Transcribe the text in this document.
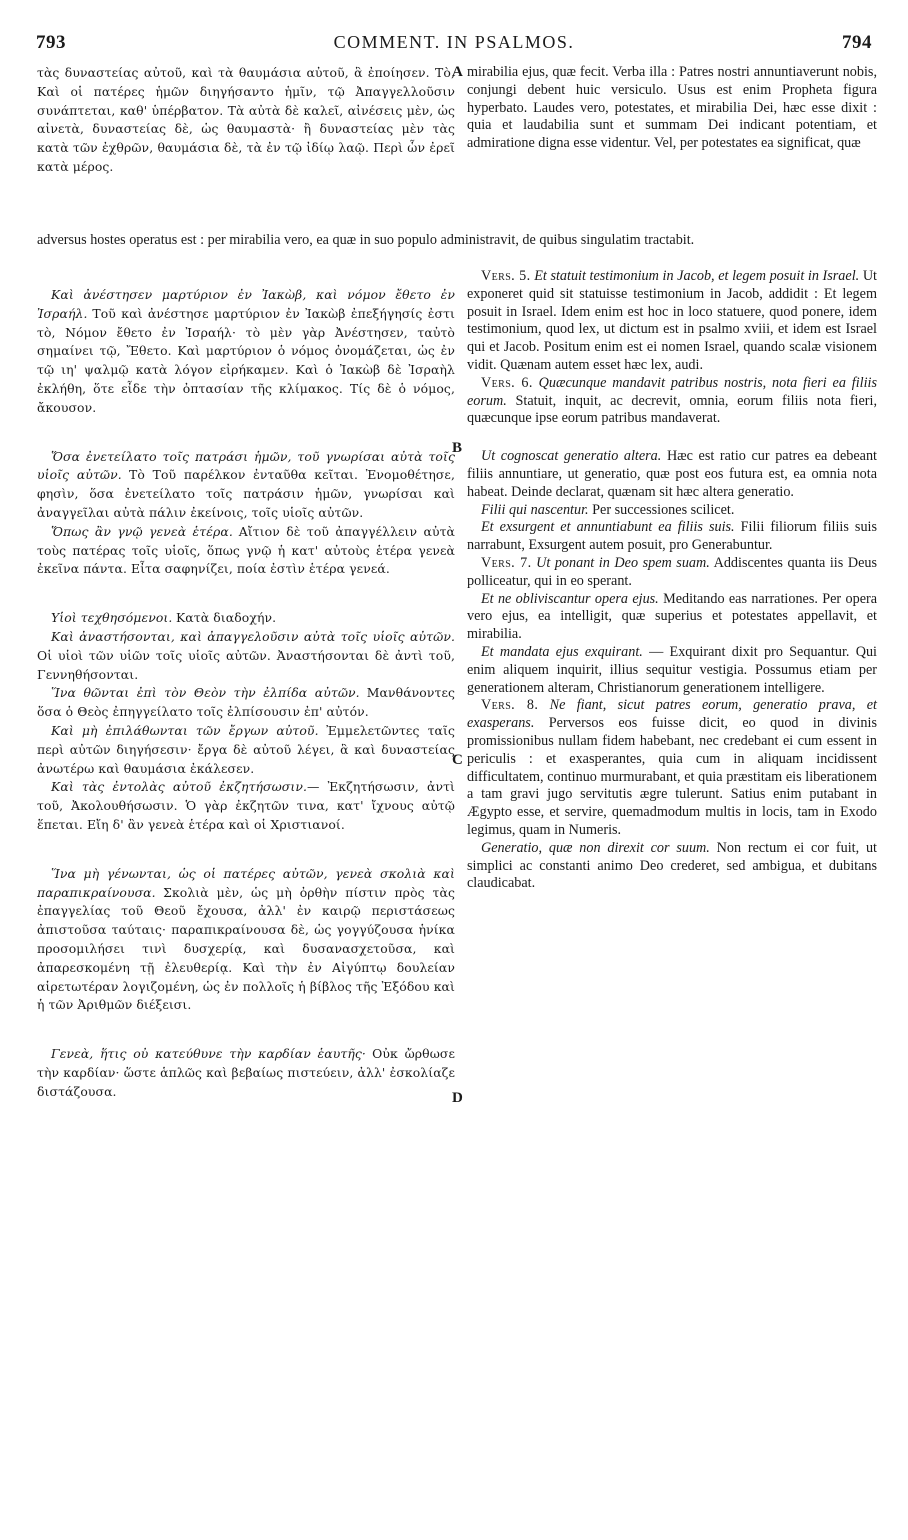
793	COMMENT. IN PSALMOS.	794
A
B
C
D

τὰς δυναστείας αὐτοῦ, καὶ τὰ θαυμάσια αὐτοῦ, ἃ ἐποίησεν. Τὸ, Καὶ οἱ πατέρες ἡμῶν διηγήσαντο ἡμῖν, τῷ Ἀπαγγελλοῦσιν συνάπτεται, καθ' ὑπέρβατον. Τὰ αὐτὰ δὲ καλεῖ, αἰνέσεις μὲν, ὡς αἰνετὰ, δυναστείας δὲ, ὡς θαυμαστὰ· ἢ δυναστείας μὲν τὰς κατὰ τῶν ἐχθρῶν, θαυμάσια δὲ, τὰ ἐν τῷ ἰδίῳ λαῷ. Περὶ ὧν ἐρεῖ κατὰ μέρος.

adversus hostes operatus est : per mirabilia vero, ea quæ in suo populo administravit, de quibus singulatim tractabit.

Καὶ ἀνέστησεν μαρτύριον ἐν Ἰακὼβ, καὶ νόμον ἔθετο ἐν Ἰσραήλ. Τοῦ καὶ ἀνέστησε μαρτύριον ἐν Ἰακὼβ ἐπεξήγησίς ἐστι τὸ, Νόμον ἔθετο ἐν Ἰσραήλ· τὸ μὲν γὰρ Ἀνέστησεν, ταὐτὸ σημαίνει τῷ, Ἔθετο. Καὶ μαρτύριον ὁ νόμος ὀνομάζεται, ὡς ἐν τῷ ιη' ψαλμῷ κατὰ λόγον εἰρήκαμεν. Καὶ ὁ Ἰακὼβ δὲ Ἰσραὴλ ἐκλήθη, ὅτε εἶδε τὴν ὀπτασίαν τῆς κλίμακος. Τίς δὲ ὁ νόμος, ἄκουσον.

Ὅσα ἐνετείλατο τοῖς πατράσι ἡμῶν, τοῦ γνωρίσαι αὐτὰ τοῖς υἱοῖς αὐτῶν. Τὸ Τοῦ παρέλκον ἐνταῦθα κεῖται. Ἐνομοθέτησε, φησὶν, ὅσα ἐνετείλατο τοῖς πατράσιν ἡμῶν, γνωρίσαι καὶ ἀναγγεῖλαι αὐτὰ πάλιν ἐκείνοις, τοῖς υἱοῖς αὐτῶν.

Ὅπως ἂν γνῷ γενεὰ ἑτέρα. Αἴτιον δὲ τοῦ ἀπαγγέλλειν αὐτὰ τοὺς πατέρας τοῖς υἱοῖς, ὅπως γνῷ ἡ κατ' αὐτοὺς ἑτέρα γενεὰ ἐκεῖνα πάντα. Εἶτα σαφηνίζει, ποία ἐστὶν ἑτέρα γενεά.

Υἱοὶ τεχθησόμενοι. Κατὰ διαδοχήν.

Καὶ ἀναστήσονται, καὶ ἀπαγγελοῦσιν αὐτὰ τοῖς υἱοῖς αὐτῶν. Οἱ υἱοὶ τῶν υἱῶν τοῖς υἱοῖς αὐτῶν. Ἀναστήσονται δὲ ἀντὶ τοῦ, Γεννηθήσονται.

Ἵνα θῶνται ἐπὶ τὸν Θεὸν τὴν ἐλπίδα αὐτῶν. Μανθάνοντες ὅσα ὁ Θεὸς ἐπηγγείλατο τοῖς ἐλπίσουσιν ἐπ' αὐτόν.

Καὶ μὴ ἐπιλάθωνται τῶν ἔργων αὐτοῦ. Ἐμμελετῶντες ταῖς περὶ αὐτῶν διηγήσεσιν· ἔργα δὲ αὐτοῦ λέγει, ἃ καὶ δυναστείας ἀνωτέρω καὶ θαυμάσια ἐκάλεσεν.

Καὶ τὰς ἐντολὰς αὐτοῦ ἐκζητήσωσιν.— Ἐκζητήσωσιν, ἀντὶ τοῦ, Ἀκολουθήσωσιν. Ὁ γὰρ ἐκζητῶν τινα, κατ' ἴχνους αὐτῷ ἕπεται. Εἴη δ' ἂν γενεὰ ἑτέρα καὶ οἱ Χριστιανοί.

Ἵνα μὴ γένωνται, ὡς οἱ πατέρες αὐτῶν, γενεὰ σκολιὰ καὶ παραπικραίνουσα. Σκολιὰ μὲν, ὡς μὴ ὀρθὴν πίστιν πρὸς τὰς ἐπαγγελίας τοῦ Θεοῦ ἔχουσα, ἀλλ' ἐν καιρῷ περιστάσεως ἀπιστοῦσα ταύταις· παραπικραίνουσα δὲ, ὡς γογγύζουσα ἡνίκα προσομιλήσει τινὶ δυσχερίᾳ, καὶ δυσανασχετοῦσα, καὶ ἀπαρεσκομένη τῇ ἐλευθερίᾳ. Καὶ τὴν ἐν Αἰγύπτῳ δουλείαν αἱρετωτέραν λογιζομένη, ὡς ἐν πολλοῖς ἡ βίβλος τῆς Ἐξόδου καὶ ἡ τῶν Ἀριθμῶν διέξεισι.

Γενεὰ, ἥτις οὐ κατεύθυνε τὴν καρδίαν ἑαυτῆς· Οὐκ ὤρθωσε τὴν καρδίαν· ὥστε ἁπλῶς καὶ βεβαίως πιστεύειν, ἀλλ' ἐσκολίαζε διστάζουσα.

mirabilia ejus, quæ fecit. Verba illa : Patres nostri annuntiaverunt nobis, conjungi debent huic versiculo. Usus est enim Propheta figura hyperbato. Laudes vero, potestates, et mirabilia Dei, hæc esse dixit : quia et laudabilia sunt et summam Dei indicant potentiam, et admiratione digna esse videntur. Vel, per potestates ea significat, quæ

Vers. 5. Et statuit testimonium in Jacob, et legem posuit in Israel. Ut exponeret quid sit statuisse testimonium in Jacob, addidit : Et legem posuit in Israel. Idem enim est hoc in loco statuere, quod ponere, idem testimonium, quod lex, ut dictum est in psalmo xviii, et idem est Israel qui et Jacob. Positum enim est ei nomen Israel, quando scalæ visionem vidit. Quænam autem esset hæc lex, audi.

Vers. 6. Quæcunque mandavit patribus nostris, nota fieri ea filiis eorum. Statuit, inquit, ac decrevit, omnia, eorum filiis nota fieri, quæcunque ipse eorum patribus mandaverat.

Ut cognoscat generatio altera. Hæc est ratio cur patres ea debeant filiis annuntiare, ut generatio, quæ post eos futura est, ea omnia nota habeat. Deinde declarat, quænam sit hæc altera generatio.

Filii qui nascentur. Per successiones scilicet.

Et exsurgent et annuntiabunt ea filiis suis. Filii filiorum filiis suis narrabunt, Exsurgent autem posuit, pro Generabuntur.

Vers. 7. Ut ponant in Deo spem suam. Addiscentes quanta iis Deus polliceatur, qui in eo sperant.

Et ne obliviscantur opera ejus. Meditando eas narrationes. Per opera vero ejus, ea intelligit, quæ superius et potestates appellavit, et mirabilia.

Et mandata ejus exquirant. — Exquirant dixit pro Sequantur. Qui enim aliquem inquirit, illius sequitur vestigia. Possumus etiam per generationem alteram, Christianorum generationem intelligere.

Vers. 8. Ne fiant, sicut patres eorum, generatio prava, et exasperans. Perversos eos fuisse dicit, eo quod in divinis promissionibus nullam fidem habebant, nec credebant ei cum essent in periculis : et exasperantes, quia cum in aliquam incidissent difficultatem, continuo murmurabant, et quia præstitam eis liberationem a tam gravi jugo servitutis ægre tulerunt. Satius enim putabant in Ægypto esse, et servire, quemadmodum multis in locis, tam in Exodo legimus, quam in Numeris.

Generatio, quæ non direxit cor suum. Non rectum ei cor fuit, ut simplici ac constanti animo Deo crederet, sed ambigua, et dubitans claudicabat.
